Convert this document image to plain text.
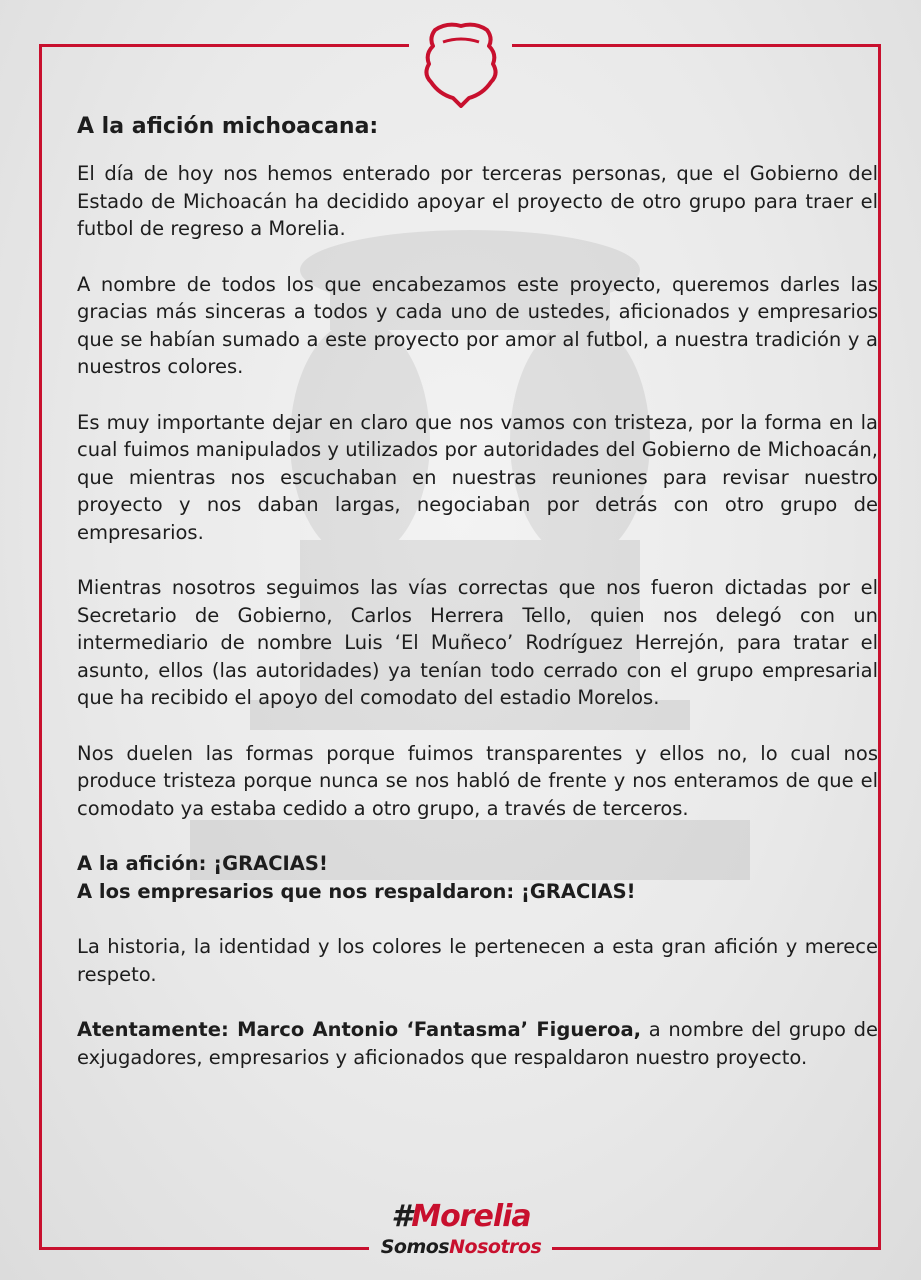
A la afición michoacana:

El día de hoy nos hemos enterado por terceras personas, que el Gobierno del Estado de Michoacán ha decidido apoyar el proyecto de otro grupo para traer el futbol de regreso a Morelia.

A nombre de todos los que encabezamos este proyecto, queremos darles las gracias más sinceras a todos y cada uno de ustedes, aficionados y empresarios que se habían sumado a este proyecto por amor al futbol, a nuestra tradición y a nuestros colores.

Es muy importante dejar en claro que nos vamos con tristeza, por la forma en la cual fuimos manipulados y utilizados por autoridades del Gobierno de Michoacán, que mientras nos escuchaban en nuestras reuniones para revisar nuestro proyecto y nos daban largas, negociaban por detrás con otro grupo de empresarios.

Mientras nosotros seguimos las vías correctas que nos fueron dictadas por el Secretario de Gobierno, Carlos Herrera Tello, quien nos delegó con un intermediario de nombre Luis ‘El Muñeco’ Rodríguez Herrejón, para tratar el asunto, ellos (las autoridades) ya tenían todo cerrado con el grupo empresarial que ha recibido el apoyo del comodato del estadio Morelos.

Nos duelen las formas porque fuimos transparentes y ellos no, lo cual nos produce tristeza porque nunca se nos habló de frente y nos enteramos de que el comodato ya estaba cedido a otro grupo, a través de terceros.

A la afición: ¡GRACIAS!

A los empresarios que nos respaldaron: ¡GRACIAS!

La historia, la identidad y los colores le pertenecen a esta gran afición y merece respeto.

Atentamente: Marco Antonio ‘Fantasma’ Figueroa, a nombre del grupo de exjugadores, empresarios y aficionados que respaldaron nuestro proyecto.

#Morelia
SomosNosotros
